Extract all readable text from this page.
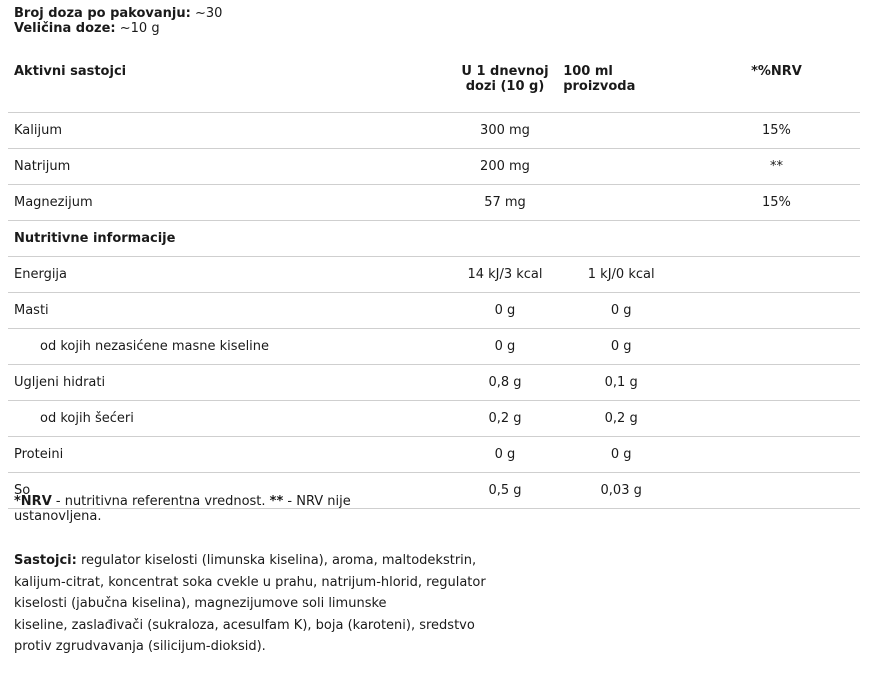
Broj doza po pakovanju: ~30
Veličina doze: ~10 g
Aktivni sastojci	U 1 dnevnoj dozi (10 g)	100 ml proizvoda	*%NRV
Kalijum	300 mg		15%
Natrijum	200 mg		**
Magnezijum	57 mg		15%
Nutritivne informacije			
Energija	14 kJ/3 kcal	1 kJ/0 kcal	
Masti	0 g	0 g	
od kojih nezasićene masne kiseline	0 g	0 g	
Ugljeni hidrati	0,8 g	0,1 g	
od kojih šećeri	0,2 g	0,2 g	
Proteini	0 g	0 g	
So	0,5 g	0,03 g	
*NRV - nutritivna referentna vrednost. ** - NRV nije ustanovljena.
Sastojci: regulator kiselosti (limunska kiselina), aroma, maltodekstrin,
kalijum-citrat, koncentrat soka cvekle u prahu, natrijum-hlorid, regulator
kiselosti (jabučna kiselina), magnezijumove soli limunske
kiseline, zaslađivači (sukraloza, acesulfam K), boja (karoteni), sredstvo
protiv zgrudvavanja (silicijum-dioksid).
